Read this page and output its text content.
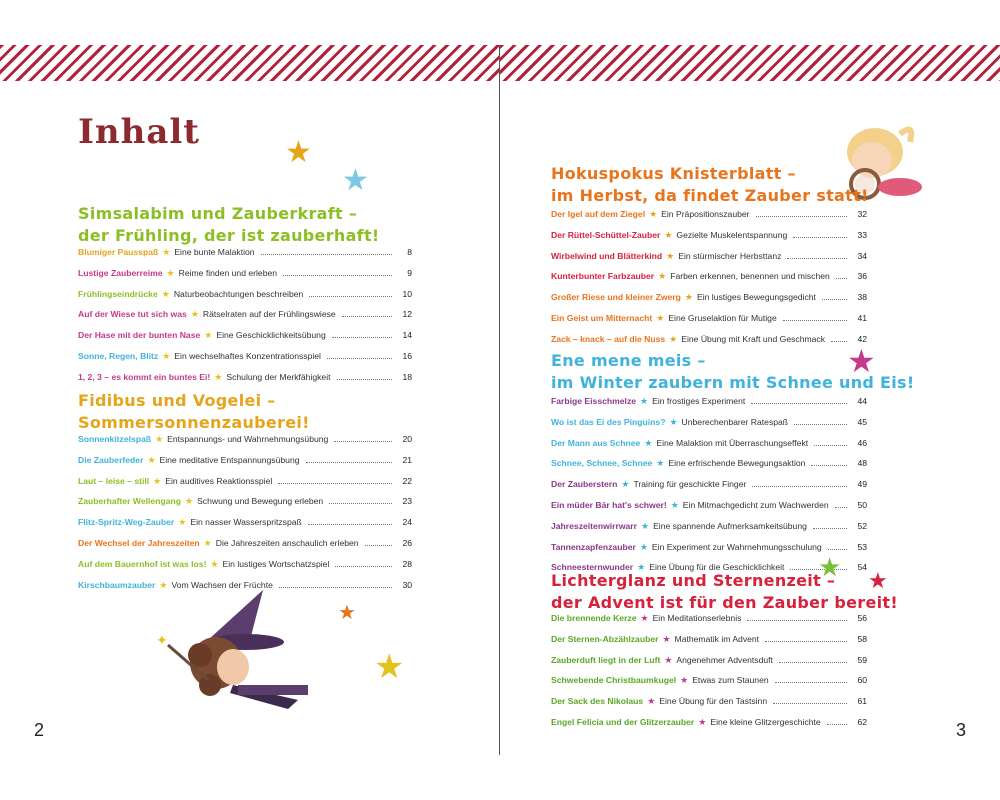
Inhalt
★
★
Simsalabim und Zauberkraft –
der Frühling, der ist zauberhaft!
Blumiger Pausspaß ★ Eine bunte Malaktion	8
Lustige Zauberreime ★ Reime finden und erleben	9
Frühlingseindrücke ★ Naturbeobachtungen beschreiben	10
Auf der Wiese tut sich was ★ Rätselraten auf der Frühlingswiese	12
Der Hase mit der bunten Nase ★ Eine Geschicklichkeitsübung	14
Sonne, Regen, Blitz ★ Ein wechselhaftes Konzentrationsspiel	16
1, 2, 3 – es kommt ein buntes Ei! ★ Schulung der Merkfähigkeit	18
Fidibus und Vogelei –
Sommersonnenzauberei!
Sonnenkitzelspaß ★ Entspannungs- und Wahrnehmungsübung	20
Die Zauberfeder ★ Eine meditative Entspannungsübung	21
Laut – leise – still ★ Ein auditives Reaktionsspiel	22
Zauberhafter Wellengang ★ Schwung und Bewegung erleben	23
Flitz-Spritz-Weg-Zauber ★ Ein nasser Wasserspritzspaß	24
Der Wechsel der Jahreszeiten ★ Die Jahreszeiten anschaulich erleben	26
Auf dem Bauernhof ist was los! ★ Ein lustiges Wortschatzspiel	28
Kirschbaumzauber ★ Vom Wachsen der Früchte	30
✦
★
★
2
Hokuspokus Knisterblatt –
im Herbst, da findet Zauber statt!
Der Igel auf dem Ziegel ★ Ein Präpositionszauber	32
Der Rüttel-Schüttel-Zauber ★ Gezielte Muskelentspannung	33
Wirbelwind und Blätterkind ★ Ein stürmischer Herbsttanz	34
Kunterbunter Farbzauber ★ Farben erkennen, benennen und mischen	36
Großer Riese und kleiner Zwerg ★ Ein lustiges Bewegungsgedicht	38
Ein Geist um Mitternacht ★ Eine Gruselaktion für Mutige	41
Zack – knack – auf die Nuss ★ Eine Übung mit Kraft und Geschmack	42
★
Ene mene meis –
im Winter zaubern mit Schnee und Eis!
Farbige Eisschmelze ★ Ein frostiges Experiment	44
Wo ist das Ei des Pinguins? ★ Unberechenbarer Ratespaß	45
Der Mann aus Schnee ★ Eine Malaktion mit Überraschungseffekt	46
Schnee, Schnee, Schnee ★ Eine erfrischende Bewegungsaktion	48
Der Zauberstern ★ Training für geschickte Finger	49
Ein müder Bär hat's schwer! ★ Ein Mitmachgedicht zum Wachwerden	50
Jahreszeitenwirrwarr ★ Eine spannende Aufmerksamkeitsübung	52
Tannenzapfenzauber ★ Ein Experiment zur Wahrnehmungsschulung	53
Schneesternwunder ★ Eine Übung für die Geschicklichkeit	54
★ ★
Lichterglanz und Sternenzeit –
der Advent ist für den Zauber bereit!
Die brennende Kerze ★ Ein Meditationserlebnis	56
Der Sternen-Abzählzauber ★ Mathematik im Advent	58
Zauberduft liegt in der Luft ★ Angenehmer Adventsduft	59
Schwebende Christbaumkugel ★ Etwas zum Staunen	60
Der Sack des Nikolaus ★ Eine Übung für den Tastsinn	61
Engel Felicia und der Glitzerzauber ★ Eine kleine Glitzergeschichte	62	3
